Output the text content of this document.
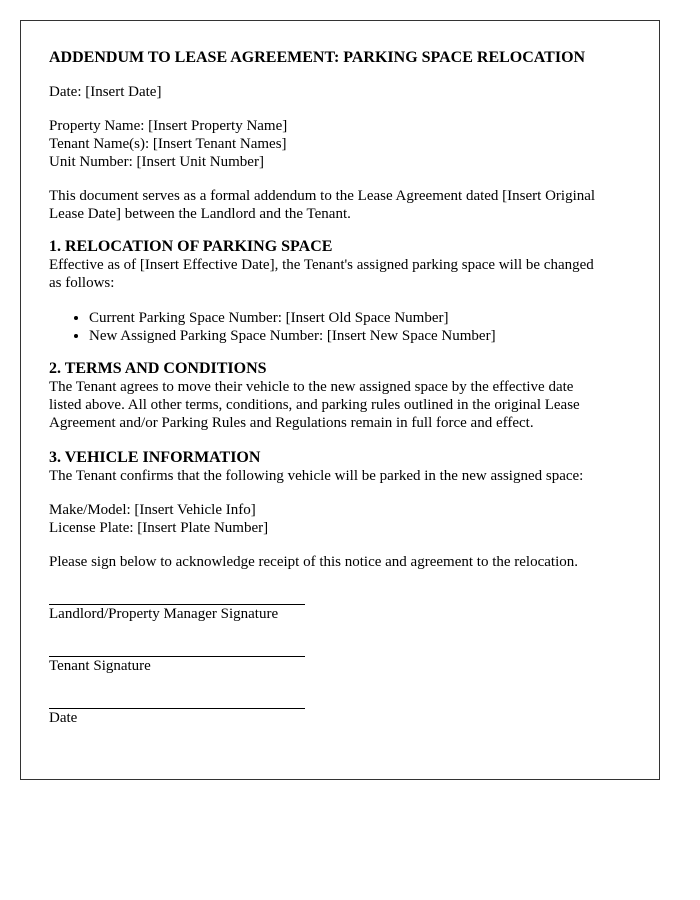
ADDENDUM TO LEASE AGREEMENT: PARKING SPACE RELOCATION

Date: [Insert Date]

Property Name: [Insert Property Name]
Tenant Name(s): [Insert Tenant Names]
Unit Number: [Insert Unit Number]

This document serves as a formal addendum to the Lease Agreement dated [Insert Original
Lease Date] between the Landlord and the Tenant.

1. RELOCATION OF PARKING SPACE
Effective as of [Insert Effective Date], the Tenant's assigned parking space will be changed
as follows:
• Current Parking Space Number: [Insert Old Space Number]
• New Assigned Parking Space Number: [Insert New Space Number]
2. TERMS AND CONDITIONS
The Tenant agrees to move their vehicle to the new assigned space by the effective date
listed above. All other terms, conditions, and parking rules outlined in the original Lease
Agreement and/or Parking Rules and Regulations remain in full force and effect.
3. VEHICLE INFORMATION
The Tenant confirms that the following vehicle will be parked in the new assigned space:

Make/Model: [Insert Vehicle Info]
License Plate: [Insert Plate Number]

Please sign below to acknowledge receipt of this notice and agreement to the relocation.

Landlord/Property Manager Signature
Tenant Signature
Date
